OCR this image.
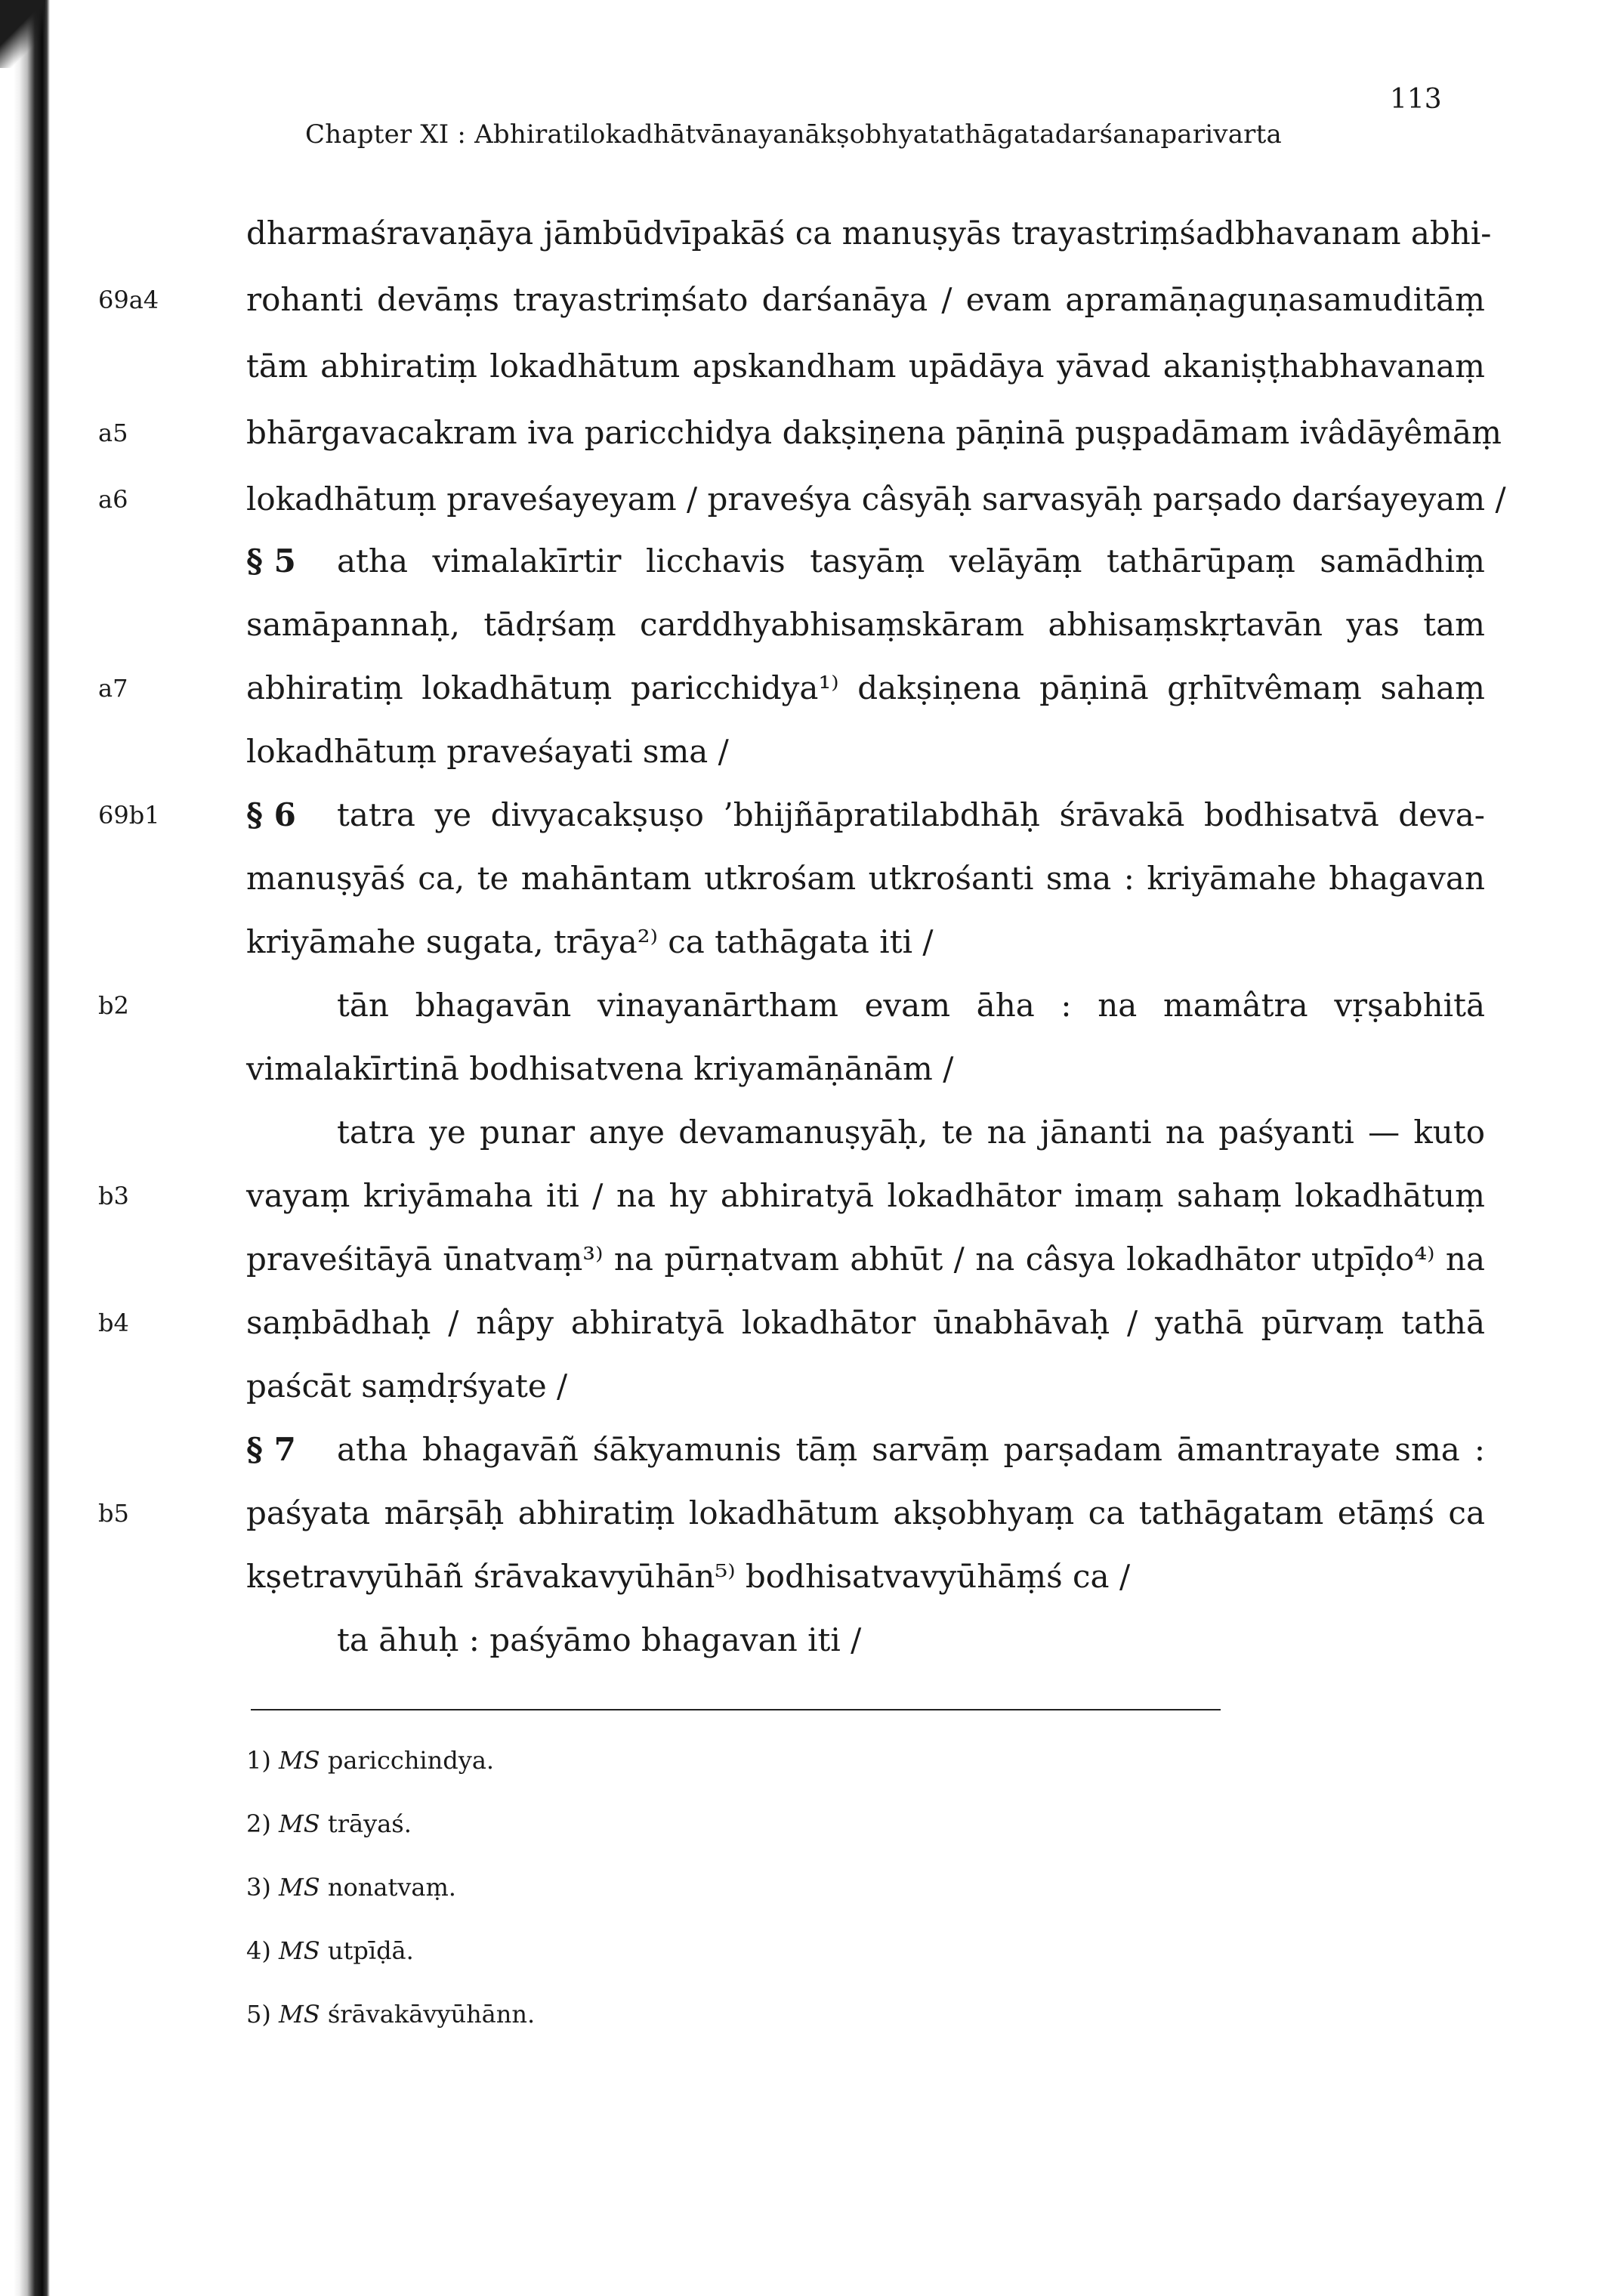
113
Chapter XI : Abhiratilokadhātvānayanākṣobhyatathāgatadarśanaparivarta
dharmaśravaṇāya jāmbūdvīpakāś ca manuṣyās trayastriṃśadbhavanam abhi-
69a4	rohanti devāṃs trayastriṃśato darśanāya / evam apramāṇaguṇasamuditāṃ
tām abhiratiṃ lokadhātum apskandham upādāya yāvad akaniṣṭhabhavanaṃ
a5	bhārgavacakram iva paricchidya dakṣiṇena pāṇinā puṣpadāmam ivâdāyêmāṃ
a6	lokadhātuṃ praveśayeyam / praveśya câsyāḥ sarvasyāḥ parṣado darśayeyam /
§ 5	atha vimalakīrtir licchavis tasyāṃ velāyāṃ tathārūpaṃ samādhiṃ
samāpannaḥ, tādṛśaṃ carddhyabhisaṃskāram abhisaṃskṛtavān yas tam
a7	abhiratiṃ lokadhātuṃ paricchidya¹⁾ dakṣiṇena pāṇinā gṛhītvêmaṃ sahaṃ
lokadhātuṃ praveśayati sma /
69b1	§ 6	tatra ye divyacakṣuṣo ’bhijñāpratilabdhāḥ śrāvakā bodhisatvā deva-
manuṣyāś ca, te mahāntam utkrośam utkrośanti sma : kriyāmahe bhagavan
kriyāmahe sugata, trāya²⁾ ca tathāgata iti /
b2	tān bhagavān vinayanārtham evam āha : na mamâtra vṛṣabhitā
vimalakīrtinā bodhisatvena kriyamāṇānām /
tatra ye punar anye devamanuṣyāḥ, te na jānanti na paśyanti — kuto
b3	vayaṃ kriyāmaha iti / na hy abhiratyā lokadhātor imaṃ sahaṃ lokadhātuṃ
praveśitāyā ūnatvaṃ³⁾ na pūrṇatvam abhūt / na câsya lokadhātor utpīḍo⁴⁾ na
b4	saṃbādhaḥ / nâpy abhiratyā lokadhātor ūnabhāvaḥ / yathā pūrvaṃ tathā
paścāt saṃdṛśyate /
§ 7	atha bhagavāñ śākyamunis tāṃ sarvāṃ parṣadam āmantrayate sma :
b5	paśyata mārṣāḥ abhiratiṃ lokadhātum akṣobhyaṃ ca tathāgatam etāṃś ca
kṣetravyūhāñ śrāvakavyūhān⁵⁾ bodhisatvavyūhāṃś ca /
ta āhuḥ : paśyāmo bhagavan iti /
1) MS paricchindya.
2) MS trāyaś.
3) MS nonatvaṃ.
4) MS utpīḍā.
5) MS śrāvakāvyūhānn.
